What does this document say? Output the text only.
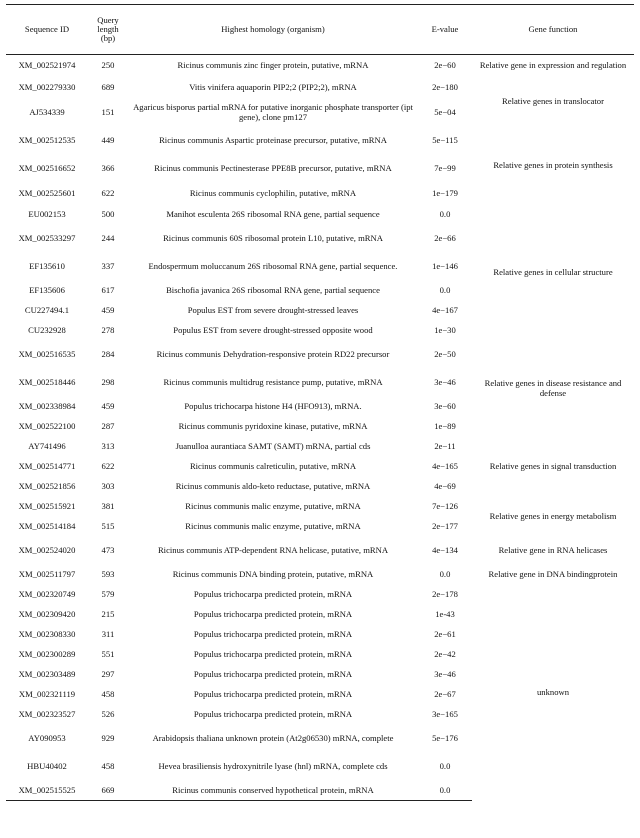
Sequence ID	Query length (bp)	Highest homology (organism)	E-value	Gene function
XM_002521974	250	Ricinus communis zinc finger protein, putative, mRNA	2e−60	Relative gene in expression and regulation
XM_002279330	689	Vitis vinifera aquaporin PIP2;2 (PIP2;2), mRNA	2e−180	Relative genes in translocator
AJ534339	151	Agaricus bisporus partial mRNA for putative inorganic phosphate transporter (ipt gene), clone pm127	5e−04	
XM_002512535	449	Ricinus communis Aspartic proteinase precursor, putative, mRNA	5e−115	Relative genes in protein synthesis
XM_002516652	366	Ricinus communis Pectinesterase PPE8B precursor, putative, mRNA	7e−99	
XM_002525601	622	Ricinus communis cyclophilin, putative, mRNA	1e−179	
EU002153	500	Manihot esculenta 26S ribosomal RNA gene, partial sequence	0.0	Relative genes in cellular structure
XM_002533297	244	Ricinus communis 60S ribosomal protein L10, putative, mRNA	2e−66	
EF135610	337	Endospermum moluccanum 26S ribosomal RNA gene, partial sequence.	1e−146	
EF135606	617	Bischofia javanica 26S ribosomal RNA gene, partial sequence	0.0	
CU227494.1	459	Populus EST from severe drought-stressed leaves	4e−167	
CU232928	278	Populus EST from severe drought-stressed opposite wood	1e−30	
XM_002516535	284	Ricinus communis Dehydration-responsive protein RD22 precursor	2e−50	Relative genes in disease resistance and defense
XM_002518446	298	Ricinus communis multidrug resistance pump, putative, mRNA	3e−46	
XM_002338984	459	Populus trichocarpa histone H4 (HFO913), mRNA.	3e−60	
XM_002522100	287	Ricinus communis pyridoxine kinase, putative, mRNA	1e−89	
AY741496	313	Juanulloa aurantiaca SAMT (SAMT) mRNA, partial cds	2e−11	Relative genes in signal transduction
XM_002514771	622	Ricinus communis calreticulin, putative, mRNA	4e−165	
XM_002521856	303	Ricinus communis aldo-keto reductase, putative, mRNA	4e−69	
XM_002515921	381	Ricinus communis malic enzyme, putative, mRNA	7e−126	Relative genes in energy metabolism
XM_002514184	515	Ricinus communis malic enzyme, putative, mRNA	2e−177	
XM_002524020	473	Ricinus communis ATP-dependent RNA helicase, putative, mRNA	4e−134	Relative gene in RNA helicases
XM_002511797	593	Ricinus communis DNA binding protein, putative, mRNA	0.0	Relative gene in DNA bindingprotein
XM_002320749	579	Populus trichocarpa predicted protein, mRNA	2e−178	unknown
XM_002309420	215	Populus trichocarpa predicted protein, mRNA	1e-43	
XM_002308330	311	Populus trichocarpa predicted protein, mRNA	2e−61	
XM_002300289	551	Populus trichocarpa predicted protein, mRNA	2e−42	
XM_002303489	297	Populus trichocarpa predicted protein, mRNA	3e−46	
XM_002321119	458	Populus trichocarpa predicted protein, mRNA	2e−67	
XM_002323527	526	Populus trichocarpa predicted protein, mRNA	3e−165	
AY090953	929	Arabidopsis thaliana unknown protein (At2g06530) mRNA, complete	5e−176	
HBU40402	458	Hevea brasiliensis hydroxynitrile lyase (hnl) mRNA, complete cds	0.0	
XM_002515525	669	Ricinus communis conserved hypothetical protein, mRNA	0.0	
